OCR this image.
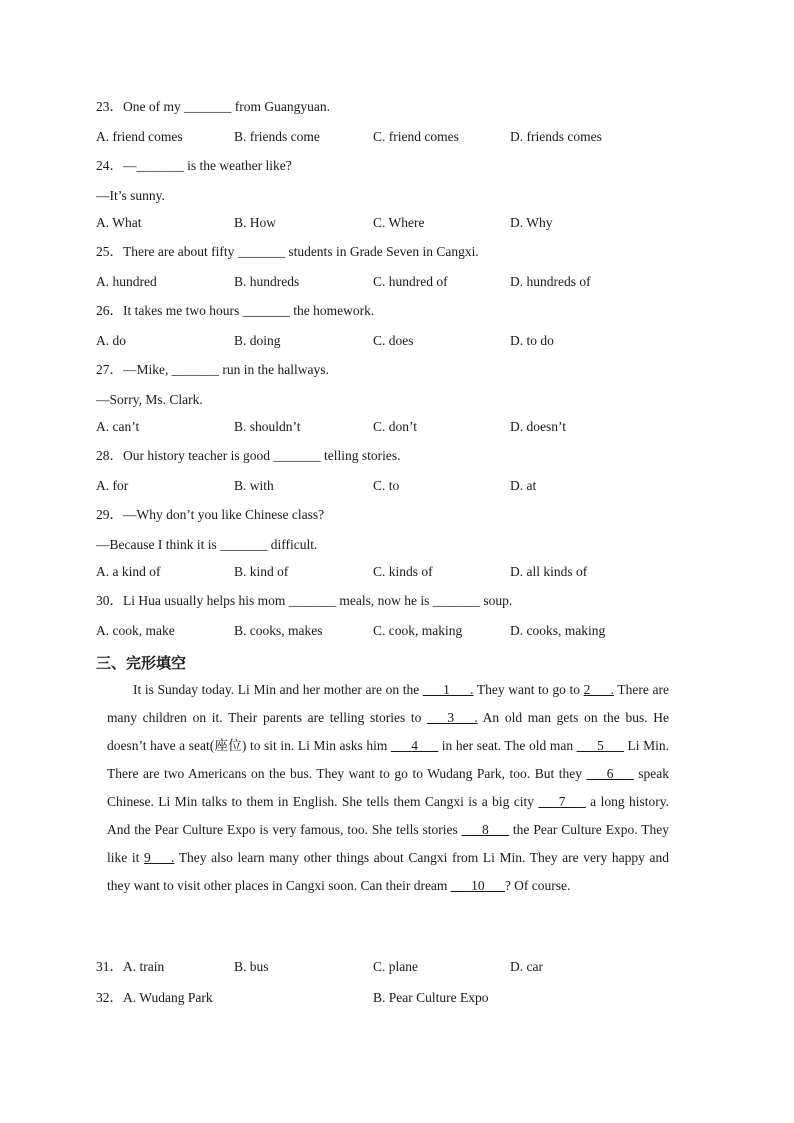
23．One of my _______ from Guangyuan.
A. friend comes	B. friends come	C. friend comes	D. friends comes
24．—_______ is the weather like?
—It’s sunny.
A. What	B. How	C. Where	D. Why
25．There are about fifty _______ students in Grade Seven in Cangxi.
A. hundred	B. hundreds	C. hundred of	D. hundreds of
26．It takes me two hours _______ the homework.
A. do	B. doing	C. does	D. to do
27．—Mike, _______ run in the hallways.
—Sorry, Ms. Clark.
A. can’t	B. shouldn’t	C. don’t	D. doesn’t
28．Our history teacher is good _______ telling stories.
A. for	B. with	C. to	D. at
29．—Why don’t you like Chinese class?
—Because I think it is _______ difficult.
A. a kind of	B. kind of	C. kinds of	D. all kinds of
30．Li Hua usually helps his mom _______ meals, now he is _______ soup.
A. cook, make	B. cooks, makes	C. cook, making	D. cooks, making
三、完形填空
It is Sunday today. Li Min and her mother are on the ___1___. They want to go to 2___. There are many children on it. Their parents are telling stories to ___3___. An old man gets on the bus. He doesn’t have a seat(座位) to sit in. Li Min asks him ___4___ in her seat. The old man ___5___ Li Min. There are two Americans on the bus. They want to go to Wudang Park, too. But they ___6___ speak Chinese. Li Min talks to them in English. She tells them Cangxi is a big city ___7___ a long history. And the Pear Culture Expo is very famous, too. She tells stories ___8___ the Pear Culture Expo. They like it 9___. They also learn many other things about Cangxi from Li Min. They are very happy and they want to visit other places in Cangxi soon. Can their dream ___10___? Of course.
31．A. train	B. bus	C. plane	D. car
32．A. Wudang Park	B. Pear Culture Expo
